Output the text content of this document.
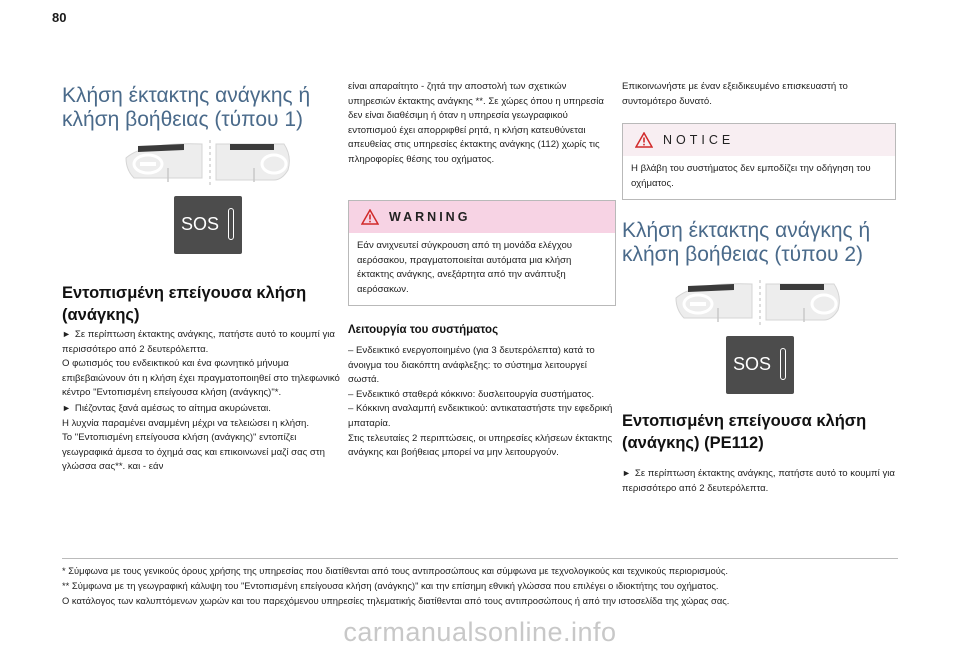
80
Κλήση έκτακτης ανάγκης ή κλήση βοήθειας (τύπου 1)
SOS
Εντοπισμένη επείγουσα κλήση (ανάγκης)

► Σε περίπτωση έκτακτης ανάγκης, πατήστε αυτό το κουμπί για περισσότερο από 2 δευτερόλεπτα.

Ο φωτισμός του ενδεικτικού και ένα φωνητικό μήνυμα επιβεβαιώνουν ότι η κλήση έχει πραγματοποιηθεί στο τηλεφωνικό κέντρο "Εντοπισμένη επείγουσα κλήση (ανάγκης)"*.

► Πιέζοντας ξανά αμέσως το αίτημα ακυρώνεται.

Η λυχνία παραμένει αναμμένη μέχρι να τελειώσει η κλήση.

Το "Εντοπισμένη επείγουσα κλήση (ανάγκης)" εντοπίζει γεωγραφικά άμεσα το όχημά σας και επικοινωνεί μαζί σας στη γλώσσα σας**. και - εάν

είναι απαραίτητο - ζητά την αποστολή των σχετικών υπηρεσιών έκτακτης ανάγκης **. Σε χώρες όπου η υπηρεσία δεν είναι διαθέσιμη ή όταν η υπηρεσία γεωγραφικού εντοπισμού έχει απορριφθεί ρητά, η κλήση κατευθύνεται απευθείας στις υπηρεσίες έκτακτης ανάγκης (112) χωρίς τις πληροφορίες θέσης του οχήματος.
WARNING
Εάν ανιχνευτεί σύγκρουση από τη μονάδα ελέγχου αερόσακου, πραγματοποιείται αυτόματα μια κλήση έκτακτης ανάγκης, ανεξάρτητα από την ανάπτυξη αερόσακων.
Λειτουργία του συστήματος

– Ενδεικτικό ενεργοποιημένο (για 3 δευτερόλεπτα) κατά το άνοιγμα του διακόπτη ανάφλεξης: το σύστημα λειτουργεί σωστά.

– Ενδεικτικό σταθερά κόκκινο: δυσλειτουργία συστήματος.

– Κόκκινη αναλαμπή ενδεικτικού: αντικαταστήστε την εφεδρική μπαταρία.

Στις τελευταίες 2 περιπτώσεις, οι υπηρεσίες κλήσεων έκτακτης ανάγκης και βοήθειας μπορεί να μην λειτουργούν.

Επικοινωνήστε με έναν εξειδικευμένο επισκευαστή το συντομότερο δυνατό.
NOTICE
Η βλάβη του συστήματος δεν εμποδίζει την οδήγηση του οχήματος.
Κλήση έκτακτης ανάγκης ή κλήση βοήθειας (τύπου 2)
SOS
Εντοπισμένη επείγουσα κλήση (ανάγκης) (PE112)

► Σε περίπτωση έκτακτης ανάγκης, πατήστε αυτό το κουμπί για περισσότερο από 2 δευτερόλεπτα.

* Σύμφωνα με τους γενικούς όρους χρήσης της υπηρεσίας που διατίθενται από τους αντιπροσώπους και σύμφωνα με τεχνολογικούς και τεχνικούς περιορισμούς.
** Σύμφωνα με τη γεωγραφική κάλυψη του "Εντοπισμένη επείγουσα κλήση (ανάγκης)" και την επίσημη εθνική γλώσσα που επιλέγει ο ιδιοκτήτης του οχήματος.
Ο κατάλογος των καλυπτόμενων χωρών και του παρεχόμενου υπηρεσίες τηλεματικής διατίθενται από τους αντιπροσώπους ή από την ιστοσελίδα της χώρας σας.
carmanualsonline.info
